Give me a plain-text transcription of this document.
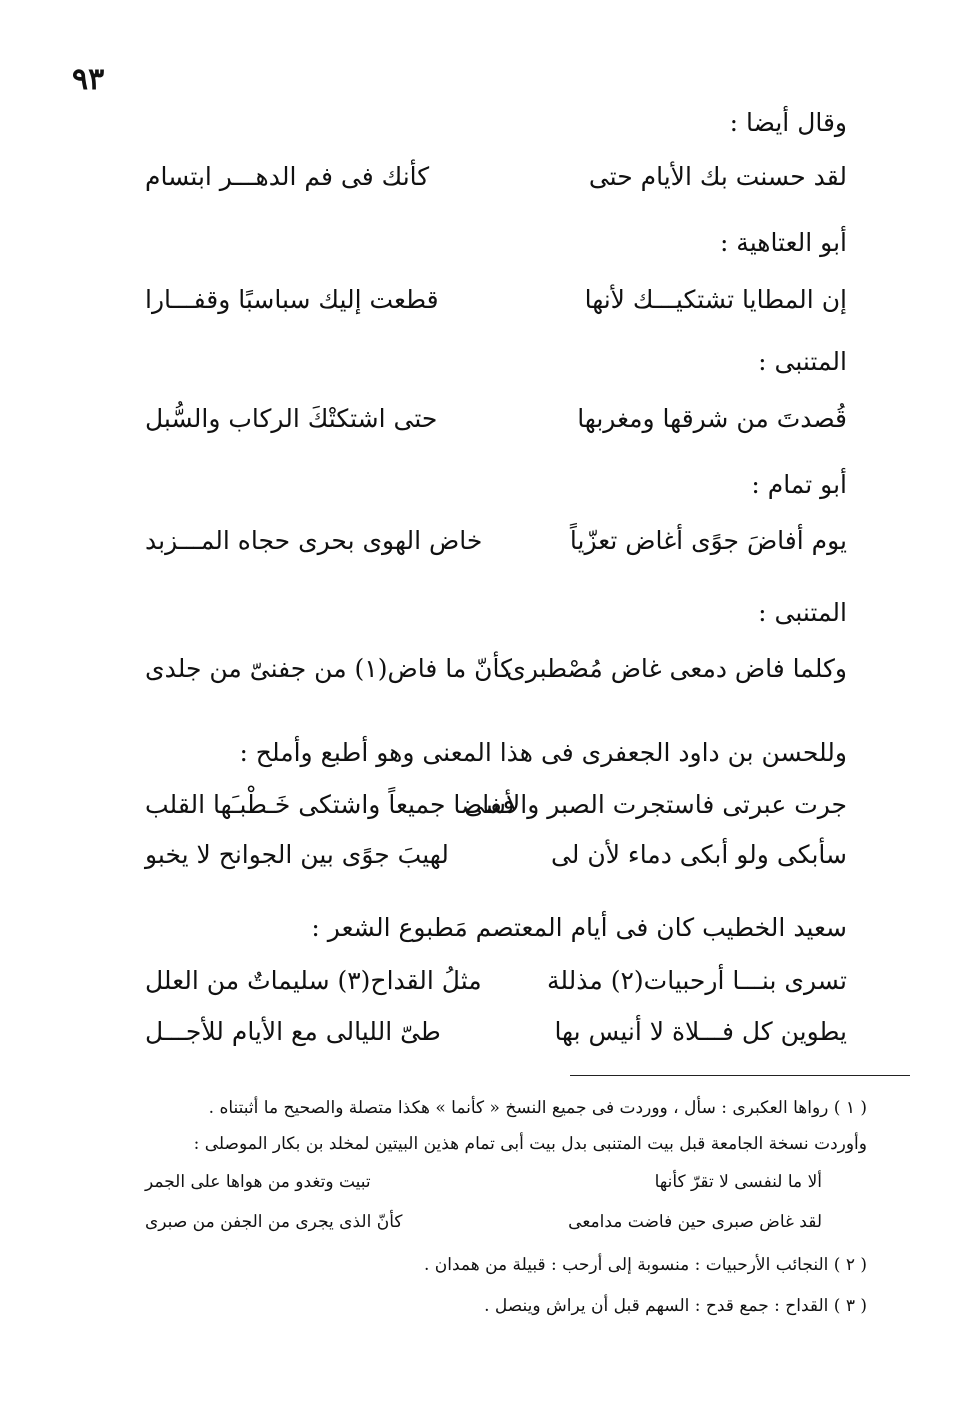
٩٣
وقال أيضا :
لقد حسنت بك الأيام حتى
كأنك فى فم الدهـــر ابتسام
أبو العتاهية :
إن المطايا تشتكيـــك لأنها
قطعت إليك سباسبًا وقفـــارا
المتنبى :
قُصدتَ من شرقها ومغربها
حتى اشتكتْكَ الركاب والسُّبل
أبو تمام :
يوم أفاضَ جوًى أغاض تعزّياً
خاض الهوى بحرى حجاه المـــزبد
المتنبى :
وكلما فاض دمعى غاض مُصْطبرى
كأنّ ما فاض(١) من جفنىّ من جلدى
وللحسن بن داود الجعفرى فى هذا المعنى وهو أطبع وأملح :
جرت عبرتى فاستجرت الصبر والأسى
ففاضا جميعاً واشتكى خَـطْبـَها القلب
سأبكى ولو أبكى دماء لأن لى
لهيبَ جوًى بين الجوانح لا يخبو
سعيد الخطيب كان فى أيام المعتصم مَطبوع الشعر :
تسرى بنـــا أرحبيات(٢) مذللة
مثلُ القداح(٣) سليماتٌ من العلل
يطوين كل فـــلاة لا أنيس بها
طىّ الليالى مع الأيام للأجـــل
( ١ ) رواها العكبرى : سأل ، ووردت فى جميع النسخ « كأنما » هكذا متصلة والصحيح ما أثبتناه .
وأوردت نسخة الجامعة قبل بيت المتنبى بدل بيت أبى تمام هذين البيتين لمخلد بن بكار الموصلى :
ألا ما لنفسى لا تقرّ كأنها
تبيت وتغدو من هواها على الجمر
لقد غاض صبرى حين فاضت مدامعى
كأنّ الذى يجرى من الجفن من صبرى
( ٢ ) النجائب الأرحبيات : منسوبة إلى أرحب : قبيلة من همدان .
( ٣ ) القداح : جمع قدح : السهم قبل أن يراش وينصل .
